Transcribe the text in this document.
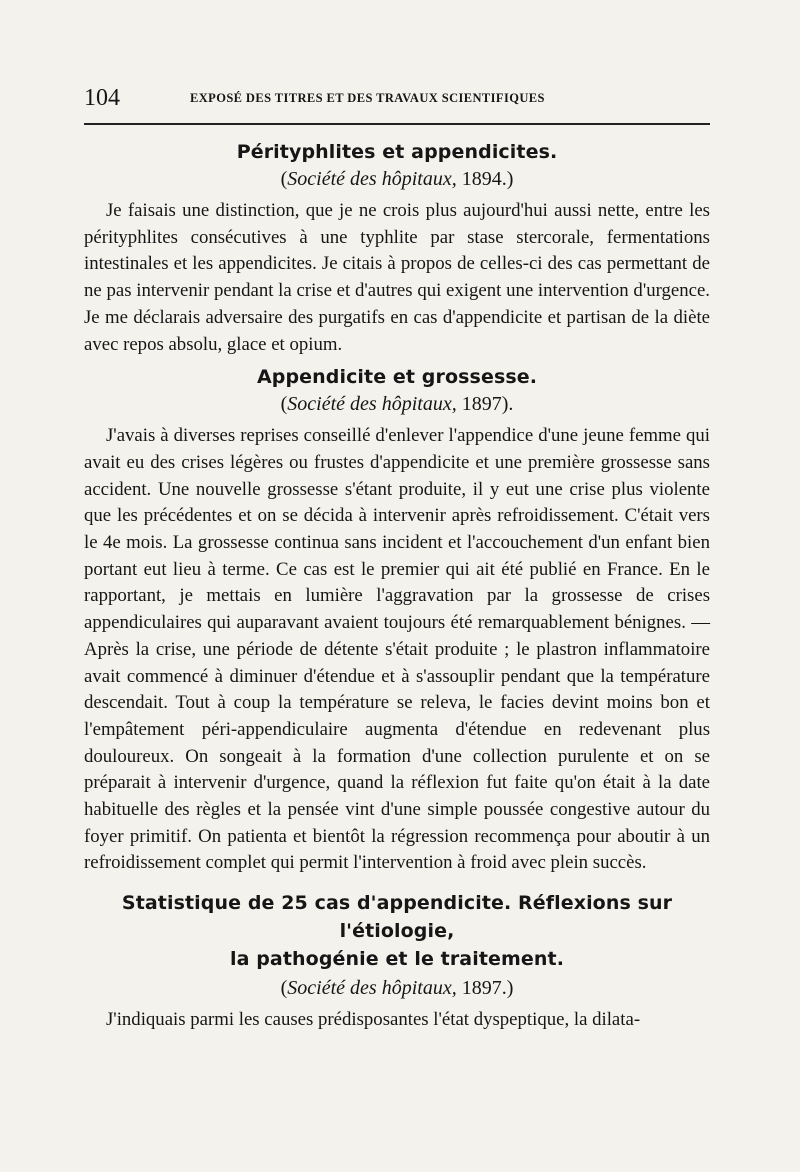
104	EXPOSÉ DES TITRES ET DES TRAVAUX SCIENTIFIQUES
Pérityphlites et appendicites.
(Société des hôpitaux, 1894.)

Je faisais une distinction, que je ne crois plus aujourd'hui aussi nette, entre les pérityphlites consécutives à une typhlite par stase stercorale, fermentations intestinales et les appendicites. Je citais à propos de celles-ci des cas permettant de ne pas intervenir pendant la crise et d'autres qui exigent une intervention d'urgence. Je me déclarais adversaire des purgatifs en cas d'appendicite et partisan de la diète avec repos absolu, glace et opium.

Appendicite et grossesse.
(Société des hôpitaux, 1897).

J'avais à diverses reprises conseillé d'enlever l'appendice d'une jeune femme qui avait eu des crises légères ou frustes d'appendicite et une première grossesse sans accident. Une nouvelle grossesse s'étant produite, il y eut une crise plus violente que les précédentes et on se décida à intervenir après refroidissement. C'était vers le 4e mois. La grossesse continua sans incident et l'accouchement d'un enfant bien portant eut lieu à terme. Ce cas est le premier qui ait été publié en France. En le rapportant, je mettais en lumière l'aggravation par la grossesse de crises appendiculaires qui auparavant avaient toujours été remarquablement bénignes. — Après la crise, une période de détente s'était produite ; le plastron inflammatoire avait commencé à diminuer d'étendue et à s'assouplir pendant que la température descendait. Tout à coup la température se releva, le facies devint moins bon et l'empâtement péri-appendiculaire augmenta d'étendue en redevenant plus douloureux. On songeait à la formation d'une collection purulente et on se préparait à intervenir d'urgence, quand la réflexion fut faite qu'on était à la date habituelle des règles et la pensée vint d'une simple poussée congestive autour du foyer primitif. On patienta et bientôt la régression recommença pour aboutir à un refroidissement complet qui permit l'intervention à froid avec plein succès.

Statistique de 25 cas d'appendicite. Réflexions sur l'étiologie,
la pathogénie et le traitement.
(Société des hôpitaux, 1897.)

J'indiquais parmi les causes prédisposantes l'état dyspeptique, la dilata-
